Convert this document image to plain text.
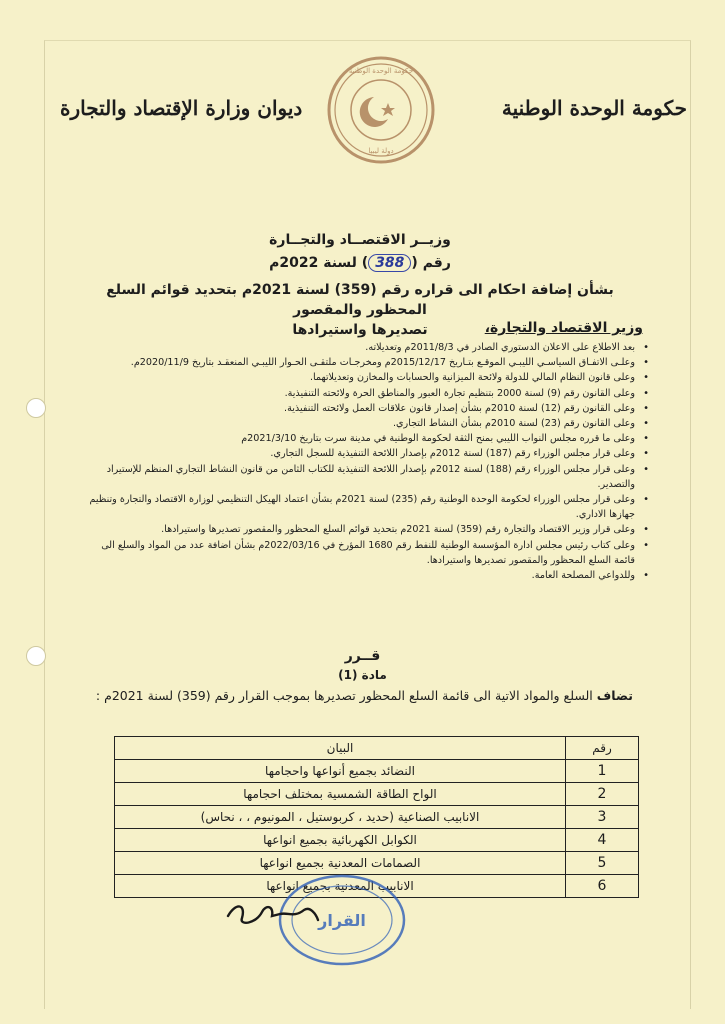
حكومة الوحدة الوطنية
ديوان وزارة الإقتصاد والتجارة
حكومة الوحدة الوطنية
دولة ليبيا
وزيــر الاقتصــاد والتجــارة
رقم (388) لسنة 2022م
بشأن إضافة احكام الى قراره رقم (359) لسنة 2021م بتحديد قوائم السلع المحظور والمقصور
تصديرها واستيرادها	وزير الاقتصاد والتجارة،
• بعد الاطلاع على الاعلان الدستوري الصادر في 2011/8/3م وتعديلاته.
• وعلـى الاتفـاق السياسـي الليبـي الموقـع بتـاريخ 2015/12/17م ومخرجـات ملتقـى الحـوار الليبـي المنعقـد بتاريخ 2020/11/9م.
• وعلى قانون النظام المالي للدولة ولائحة الميزانية والحسابات والمخازن وتعديلاتهما.
• وعلى القانون رقم (9) لسنة 2000 بتنظيم تجارة العبور والمناطق الحرة ولائحته التنفيذية.
• وعلى القانون رقم (12) لسنة 2010م بشأن إصدار قانون علاقات العمل ولائحته التنفيذية.
• وعلى القانون رقم (23) لسنة 2010م بشأن النشاط التجاري.
• وعلى ما قرره مجلس النواب الليبي بمنح الثقة لحكومة الوطنية في مدينة سرت بتاريخ 2021/3/10م
• وعلى قرار مجلس الوزراء رقم (187) لسنة 2012م بإصدار اللائحة التنفيذية للسجل التجاري.
• وعلى قرار مجلس الوزراء رقم (188) لسنة 2012م بإصدار اللائحة التنفيذية للكتاب الثامن من قانون النشاط التجاري المنظم للإستيراد والتصدير.
• وعلى قرار مجلس الوزراء لحكومة الوحدة الوطنية رقم (235) لسنة 2021م بشأن اعتماد الهيكل التنظيمي لوزارة الاقتصاد والتجارة وتنظيم جهازها الاداري.
• وعلى قرار وزير الاقتصاد والتجارة رقم (359) لسنة 2021م بتحديد قوائم السلع المحظور والمقصور تصديرها واستيرادها.
• وعلى كتاب رئيس مجلس ادارة المؤسسة الوطنية للنفط رقم 1680 المؤرخ في 2022/03/16م بشأن اضافة عدد من المواد والسلع الى قائمة السلع المحظور والمقصور تصديرها واستيرادها.
• وللدواعي المصلحة العامة.
قــرر
مادة (1)
تضاف السلع والمواد الاتية الى قائمة السلع المحظور تصديرها بموجب القرار رقم (359) لسنة 2021م :
رقم	البيان
1	النضائد بجميع أنواعها واحجامها
2	الواح الطاقة الشمسية بمختلف احجامها
3	الانابيب الصناعية (حديد ، كربوستيل ، المونيوم ، ، نحاس)
4	الكوابل الكهربائية بجميع انواعها
5	الصمامات المعدنية بجميع انواعها
6	الانابيب المعدنية بجميع انواعها
القرار
